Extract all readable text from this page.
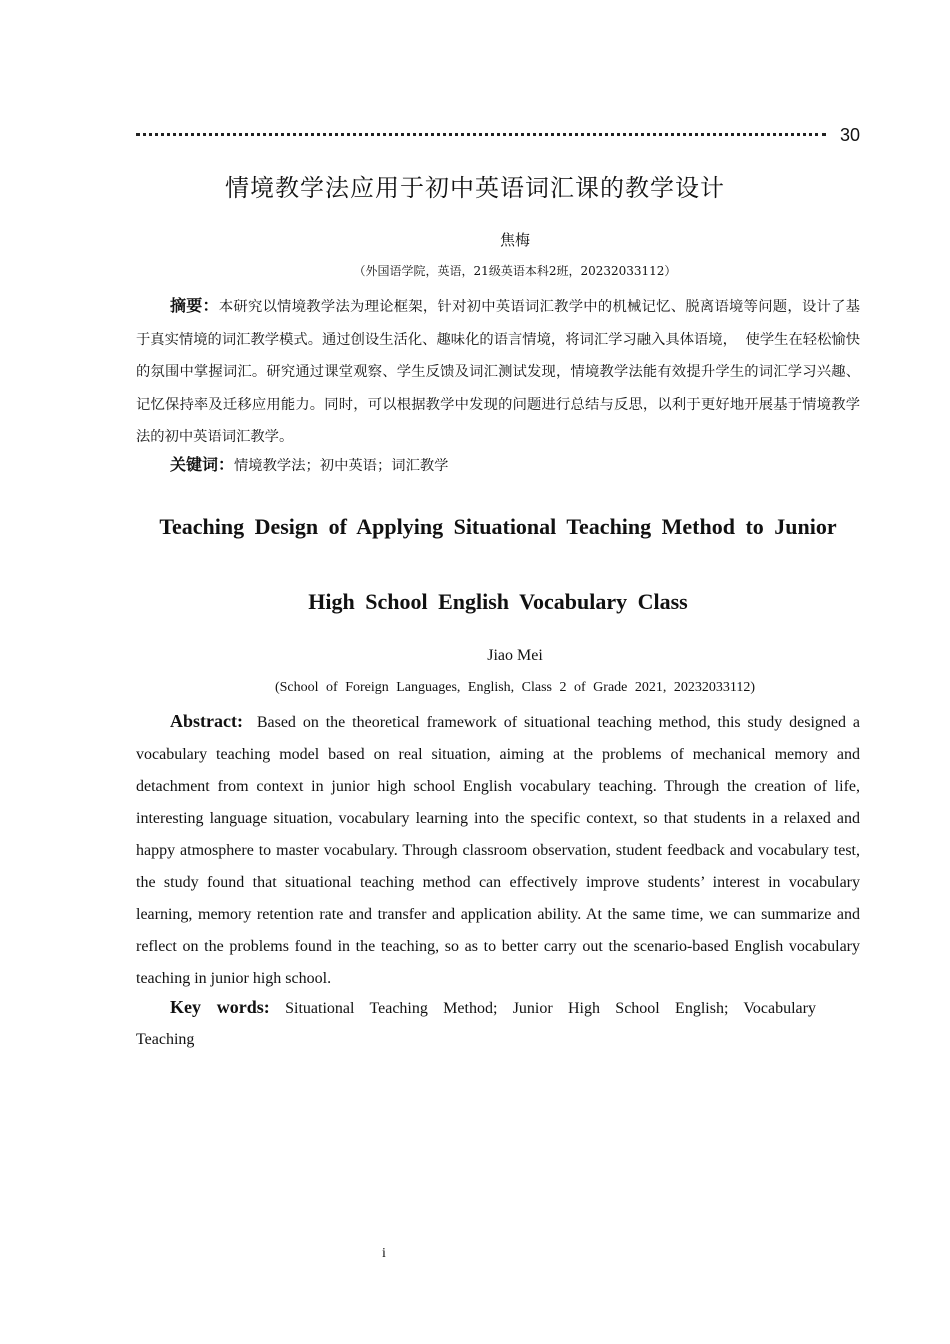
30
情境教学法应用于初中英语词汇课的教学设计
焦梅
（外国语学院，英语，21级英语本科2班，20232033112）

摘要：本研究以情境教学法为理论框架，针对初中英语词汇教学中的机械记忆、脱离语境等问题，设计了基于真实情境的词汇教学模式。通过创设生活化、趣味化的语言情境，将词汇学习融入具体语境， 使学生在轻松愉快的氛围中掌握词汇。研究通过课堂观察、学生反馈及词汇测试发现，情境教学法能有效提升学生的词汇学习兴趣、记忆保持率及迁移应用能力。同时，可以根据教学中发现的问题进行总结与反思，以利于更好地开展基于情境教学法的初中英语词汇教学。

关键词：情境教学法；初中英语；词汇教学

Teaching Design of Applying Situational Teaching Method to Junior

High School English Vocabulary Class

Jiao Mei
(School of Foreign Languages, English, Class 2 of Grade 2021, 20232033112)

Abstract: Based on the theoretical framework of situational teaching method, this study designed a vocabulary teaching model based on real situation, aiming at the problems of mechanical memory and detachment from context in junior high school English vocabulary teaching. Through the creation of life, interesting language situation, vocabulary learning into the specific context, so that students in a relaxed and happy atmosphere to master vocabulary. Through classroom observation, student feedback and vocabulary test, the study found that situational teaching method can effectively improve students’ interest in vocabulary learning, memory retention rate and transfer and application ability. At the same time, we can summarize and reflect on the problems found in the teaching, so as to better carry out the scenario-based English vocabulary teaching in junior high school.

Key words: Situational Teaching Method; Junior High School English; Vocabulary

Teaching

i
